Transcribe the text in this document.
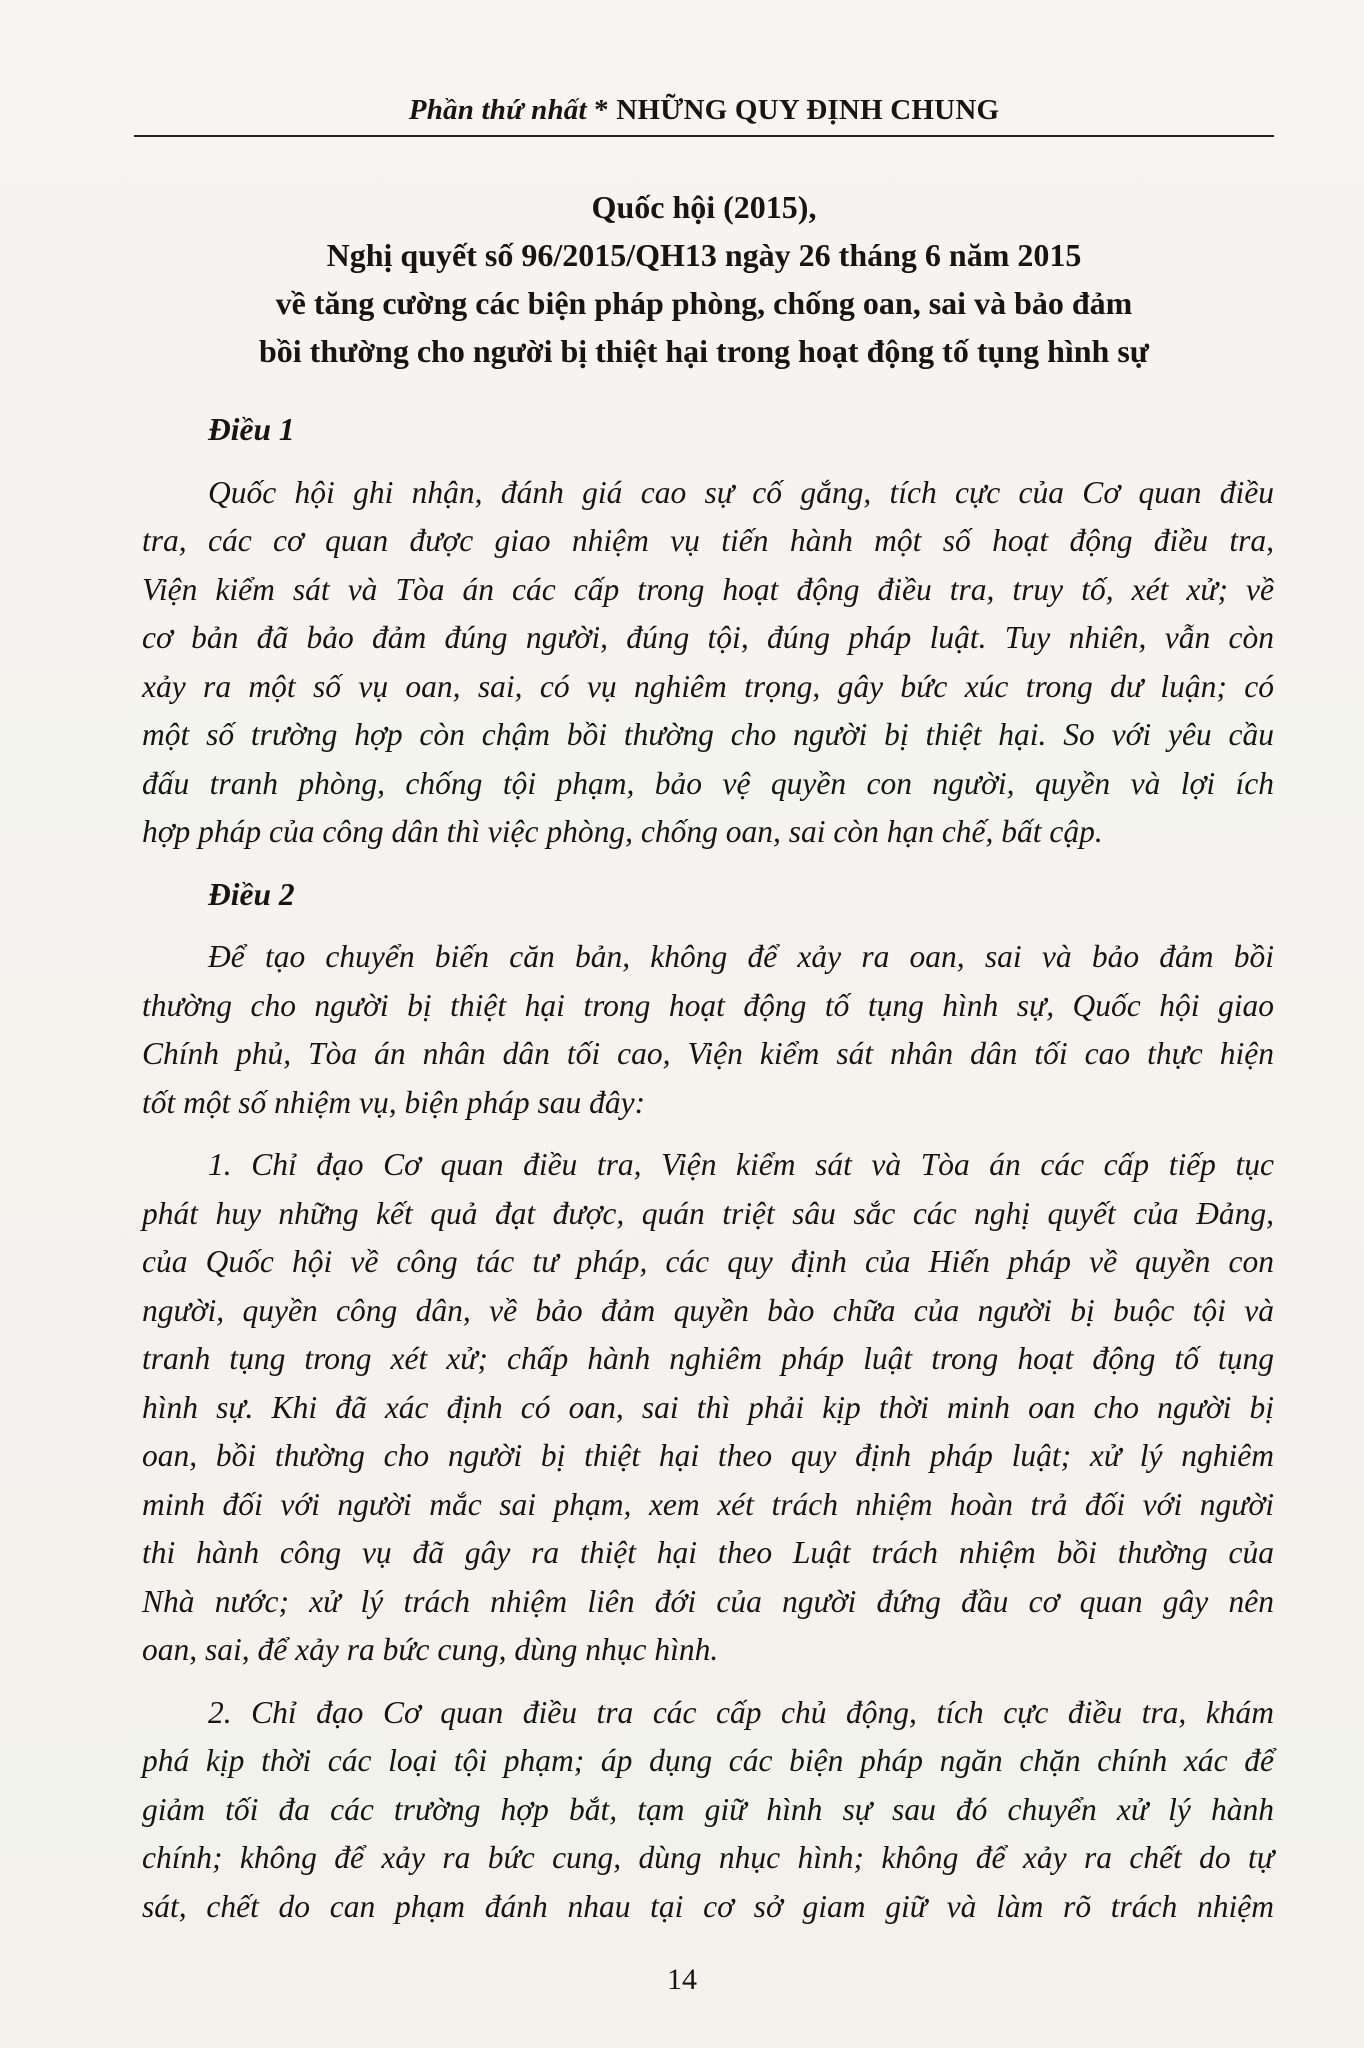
Phần thứ nhất * NHỮNG QUY ĐỊNH CHUNG
Quốc hội (2015),
Nghị quyết số 96/2015/QH13 ngày 26 tháng 6 năm 2015
về tăng cường các biện pháp phòng, chống oan, sai và bảo đảm
bồi thường cho người bị thiệt hại trong hoạt động tố tụng hình sự
Điều 1
Quốc hội ghi nhận, đánh giá cao sự cố gắng, tích cực của Cơ quan điều
tra, các cơ quan được giao nhiệm vụ tiến hành một số hoạt động điều tra,
Viện kiểm sát và Tòa án các cấp trong hoạt động điều tra, truy tố, xét xử; về
cơ bản đã bảo đảm đúng người, đúng tội, đúng pháp luật. Tuy nhiên, vẫn còn
xảy ra một số vụ oan, sai, có vụ nghiêm trọng, gây bức xúc trong dư luận; có
một số trường hợp còn chậm bồi thường cho người bị thiệt hại. So với yêu cầu
đấu tranh phòng, chống tội phạm, bảo vệ quyền con người, quyền và lợi ích
hợp pháp của công dân thì việc phòng, chống oan, sai còn hạn chế, bất cập.
Điều 2
Để tạo chuyển biến căn bản, không để xảy ra oan, sai và bảo đảm bồi
thường cho người bị thiệt hại trong hoạt động tố tụng hình sự, Quốc hội giao
Chính phủ, Tòa án nhân dân tối cao, Viện kiểm sát nhân dân tối cao thực hiện
tốt một số nhiệm vụ, biện pháp sau đây:
1. Chỉ đạo Cơ quan điều tra, Viện kiểm sát và Tòa án các cấp tiếp tục
phát huy những kết quả đạt được, quán triệt sâu sắc các nghị quyết của Đảng,
của Quốc hội về công tác tư pháp, các quy định của Hiến pháp về quyền con
người, quyền công dân, về bảo đảm quyền bào chữa của người bị buộc tội và
tranh tụng trong xét xử; chấp hành nghiêm pháp luật trong hoạt động tố tụng
hình sự. Khi đã xác định có oan, sai thì phải kịp thời minh oan cho người bị
oan, bồi thường cho người bị thiệt hại theo quy định pháp luật; xử lý nghiêm
minh đối với người mắc sai phạm, xem xét trách nhiệm hoàn trả đối với người
thi hành công vụ đã gây ra thiệt hại theo Luật trách nhiệm bồi thường của
Nhà nước; xử lý trách nhiệm liên đới của người đứng đầu cơ quan gây nên
oan, sai, để xảy ra bức cung, dùng nhục hình.
2. Chỉ đạo Cơ quan điều tra các cấp chủ động, tích cực điều tra, khám
phá kịp thời các loại tội phạm; áp dụng các biện pháp ngăn chặn chính xác để
giảm tối đa các trường hợp bắt, tạm giữ hình sự sau đó chuyển xử lý hành
chính; không để xảy ra bức cung, dùng nhục hình; không để xảy ra chết do tự
sát, chết do can phạm đánh nhau tại cơ sở giam giữ và làm rõ trách nhiệm
14
